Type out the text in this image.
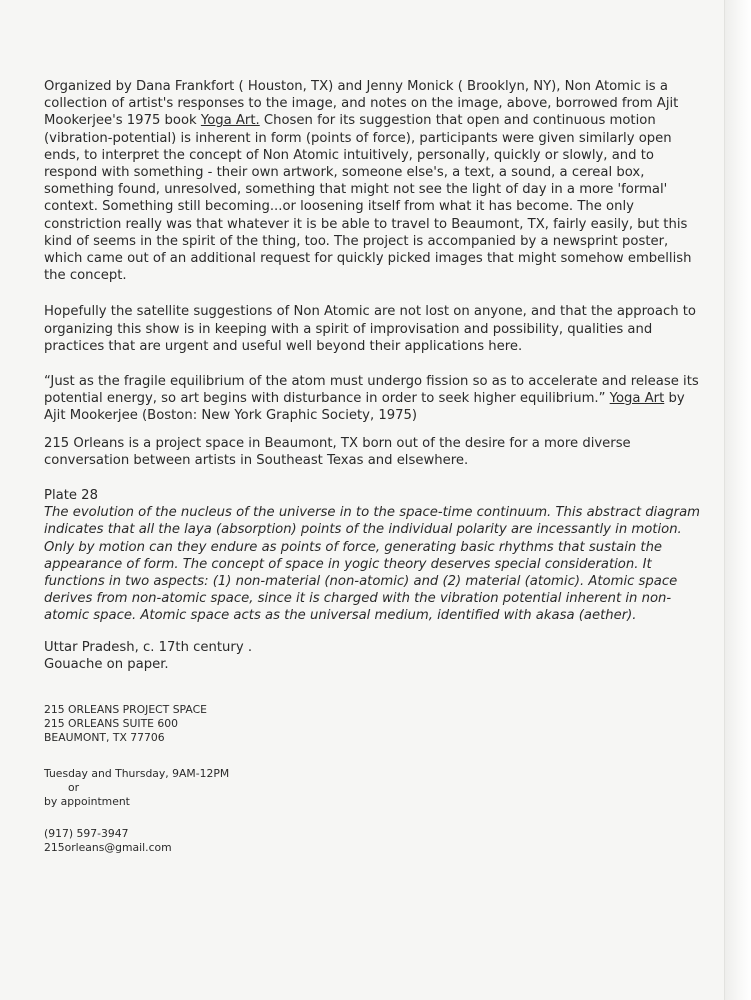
Organized by Dana Frankfort ( Houston, TX) and Jenny Monick ( Brooklyn, NY), Non Atomic is a collection of artist's responses to the image, and notes on the image, above, borrowed from Ajit Mookerjee's 1975 book Yoga Art. Chosen for its suggestion that open and continuous motion (vibration-potential) is inherent in form (points of force), participants were given similarly open ends, to interpret the concept of Non Atomic intuitively, personally, quickly or slowly, and to respond with something - their own artwork, someone else's, a text, a sound, a cereal box, something found, unresolved, something that might not see the light of day in a more 'formal' context. Something still becoming...or loosening itself from what it has become. The only constriction really was that whatever it is be able to travel to Beaumont, TX, fairly easily, but this kind of seems in the spirit of the thing, too. The project is accompanied by a newsprint poster, which came out of an additional request for quickly picked images that might somehow embellish the concept.

Hopefully the satellite suggestions of Non Atomic are not lost on anyone, and that the approach to organizing this show is in keeping with a spirit of improvisation and possibility, qualities and practices that are urgent and useful well beyond their applications here.

“Just as the fragile equilibrium of the atom must undergo fission so as to accelerate and release its potential energy, so art begins with disturbance in order to seek higher equilibrium.” Yoga Art by Ajit Mookerjee (Boston: New York Graphic Society, 1975)

215 Orleans is a project space in Beaumont, TX born out of the desire for a more diverse conversation between artists in Southeast Texas and elsewhere.

Plate 28

The evolution of the nucleus of the universe in to the space-time continuum. This abstract diagram indicates that all the laya (absorption) points of the individual polarity are incessantly in motion. Only by motion can they endure as points of force, generating basic rhythms that sustain the appearance of form. The concept of space in yogic theory deserves special consideration. It functions in two aspects: (1) non-material (non-atomic) and (2) material (atomic). Atomic space derives from non-atomic space, since it is charged with the vibration potential inherent in non-atomic space. Atomic space acts as the universal medium, identified with akasa (aether).

Uttar Pradesh, c. 17th century .

Gouache on paper.

215 ORLEANS PROJECT SPACE
215 ORLEANS SUITE 600
BEAUMONT, TX 77706
Tuesday and Thursday, 9AM-12PM
or
by appointment
(917) 597-3947
215orleans@gmail.com
